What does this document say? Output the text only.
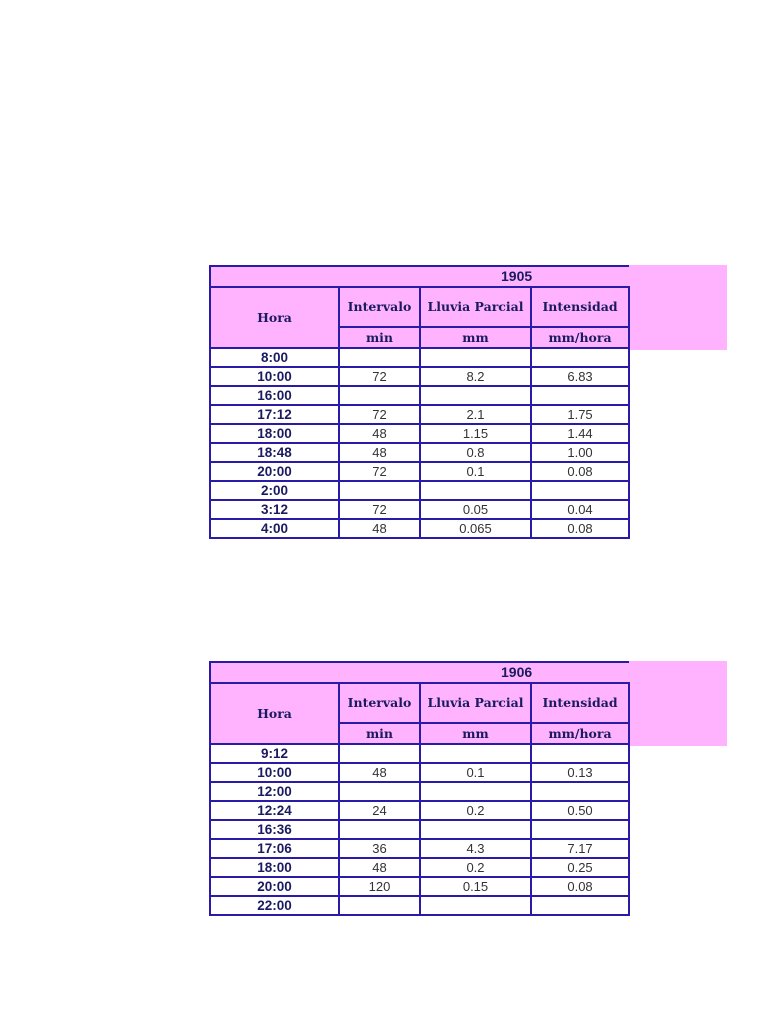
1905			
Hora	Intervalo	Lluvia Parcial	Intensidad
	min	mm	mm/hora
8:00			
10:00	72	8.2	6.83
16:00			
17:12	72	2.1	1.75
18:00	48	1.15	1.44
18:48	48	0.8	1.00
20:00	72	0.1	0.08
2:00			
3:12	72	0.05	0.04
4:00	48	0.065	0.08
1906			
Hora	Intervalo	Lluvia Parcial	Intensidad
	min	mm	mm/hora
9:12			
10:00	48	0.1	0.13
12:00			
12:24	24	0.2	0.50
16:36			
17:06	36	4.3	7.17
18:00	48	0.2	0.25
20:00	120	0.15	0.08
22:00			
